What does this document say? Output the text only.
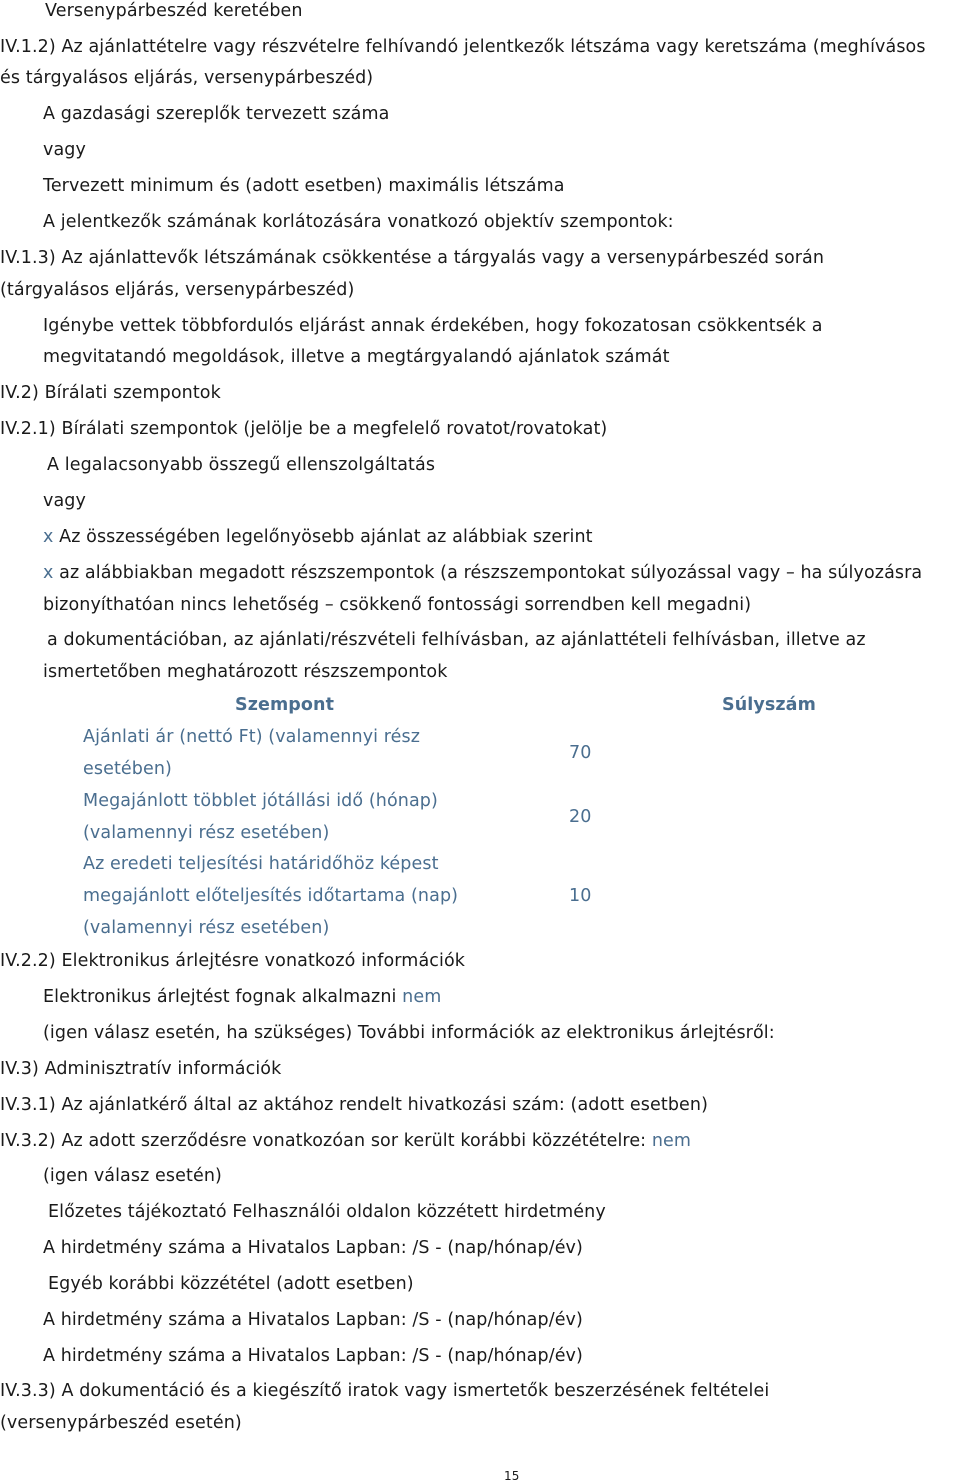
Versenypárbeszéd keretében
IV.1.2) Az ajánlattételre vagy részvételre felhívandó jelentkezők létszáma vagy keretszáma (meghívásos
és tárgyalásos eljárás, versenypárbeszéd)
A gazdasági szereplők tervezett száma
vagy
Tervezett minimum és (adott esetben) maximális létszáma
A jelentkezők számának korlátozására vonatkozó objektív szempontok:
IV.1.3) Az ajánlattevők létszámának csökkentése a tárgyalás vagy a versenypárbeszéd során
(tárgyalásos eljárás, versenypárbeszéd)
Igénybe vettek többfordulós eljárást annak érdekében, hogy fokozatosan csökkentsék a
megvitatandó megoldások, illetve a megtárgyalandó ajánlatok számát
IV.2) Bírálati szempontok
IV.2.1) Bírálati szempontok (jelölje be a megfelelő rovatot/rovatokat)
A legalacsonyabb összegű ellenszolgáltatás
vagy
x Az összességében legelőnyösebb ajánlat az alábbiak szerint
x az alábbiakban megadott részszempontok (a részszempontokat súlyozással vagy – ha súlyozásra
bizonyíthatóan nincs lehetőség – csökkenő fontossági sorrendben kell megadni)
a dokumentációban, az ajánlati/részvételi felhívásban, az ajánlattételi felhívásban, illetve az
ismertetőben meghatározott részszempontok
Szempont	Súlyszám
Ajánlati ár (nettó Ft) (valamennyi rész
esetében)
70
Megajánlott többlet jótállási idő (hónap)
(valamennyi rész esetében)
20
Az eredeti teljesítési határidőhöz képest
megajánlott előteljesítés időtartama (nap)
(valamennyi rész esetében)
10
IV.2.2) Elektronikus árlejtésre vonatkozó információk
Elektronikus árlejtést fognak alkalmazni nem
(igen válasz esetén, ha szükséges) További információk az elektronikus árlejtésről:
IV.3) Adminisztratív információk
IV.3.1) Az ajánlatkérő által az aktához rendelt hivatkozási szám: (adott esetben)
IV.3.2) Az adott szerződésre vonatkozóan sor került korábbi közzétételre: nem
(igen válasz esetén)
Előzetes tájékoztató Felhasználói oldalon közzétett hirdetmény
A hirdetmény száma a Hivatalos Lapban: /S - (nap/hónap/év)
Egyéb korábbi közzététel (adott esetben)
A hirdetmény száma a Hivatalos Lapban: /S - (nap/hónap/év)
A hirdetmény száma a Hivatalos Lapban: /S - (nap/hónap/év)
IV.3.3) A dokumentáció és a kiegészítő iratok vagy ismertetők beszerzésének feltételei
(versenypárbeszéd esetén)
15
